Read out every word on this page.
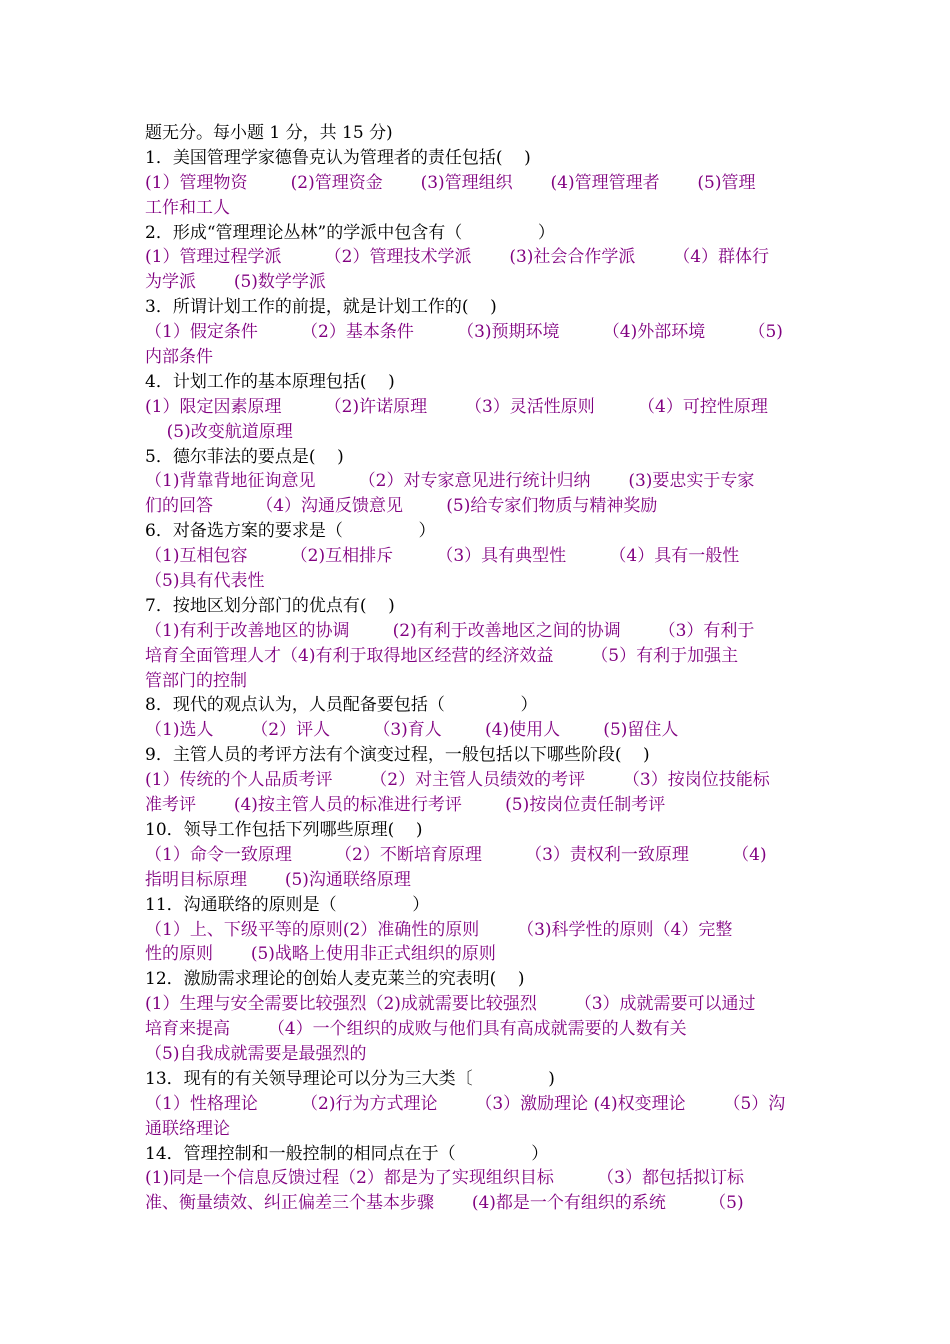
题无分。每小题 1 分，共 15 分)
1．美国管理学家德鲁克认为管理者的责任包括(    )
(1）管理物资        (2)管理资金       (3)管理组织       (4)管理管理者       (5)管理
工作和工人
2．形成“管理理论丛林”的学派中包含有（              ）
(1）管理过程学派        （2）管理技术学派       (3)社会合作学派       （4）群体行
为学派       (5)数学学派
3．所谓计划工作的前提，就是计划工作的(    )
（1）假定条件        （2）基本条件        （3)预期环境        （4)外部环境        （5)
内部条件
4．计划工作的基本原理包括(    )
(1）限定因素原理        （2)许诺原理       （3）灵活性原则        （4）可控性原理
(5)改变航道原理
5．德尔菲法的要点是(    )
（1)背靠背地征询意见        （2）对专家意见进行统计归纳       (3)要忠实于专家
们的回答        （4）沟通反馈意见        (5)给专家们物质与精神奖励
6．对备选方案的要求是（              ）
（1)互相包容        （2)互相排斥        （3）具有典型性        （4）具有一般性
（5)具有代表性
7．按地区划分部门的优点有(    )
（1)有利于改善地区的协调        (2)有利于改善地区之间的协调       （3）有利于
培育全面管理人才（4)有利于取得地区经营的经济效益       （5）有利于加强主
管部门的控制
8．现代的观点认为，人员配备要包括（              ）
（1)选人       （2）评人        （3)育人        (4)使用人        (5)留住人
9．主管人员的考评方法有个演变过程，一般包括以下哪些阶段(    )
(1）传统的个人品质考评       （2）对主管人员绩效的考评       （3）按岗位技能标
准考评       (4)按主管人员的标准进行考评        (5)按岗位责任制考评
10．领导工作包括下列哪些原理(    )
（1）命令一致原理        （2）不断培育原理        （3）责权利一致原理        （4)
指明目标原理       (5)沟通联络原理
11．沟通联络的原则是（              ）
（1）上、下级平等的原则(2）准确性的原则       （3)科学性的原则（4）完整
性的原则       (5)战略上使用非正式组织的原则
12．激励需求理论的创始人麦克莱兰的究表明(    )
(1）生理与安全需要比较强烈（2)成就需要比较强烈       （3）成就需要可以通过
培育来提高       （4）一个组织的成败与他们具有高成就需要的人数有关
（5)自我成就需要是最强烈的
13．现有的有关领导理论可以分为三大类〔              )
（1）性格理论        （2)行为方式理论       （3）激励理论 (4)权变理论       （5）沟
通联络理论
14．管理控制和一般控制的相同点在于（              ）
(1)同是一个信息反馈过程（2）都是为了实现组织目标        （3）都包括拟订标
准、衡量绩效、纠正偏差三个基本步骤       (4)都是一个有组织的系统        （5)
